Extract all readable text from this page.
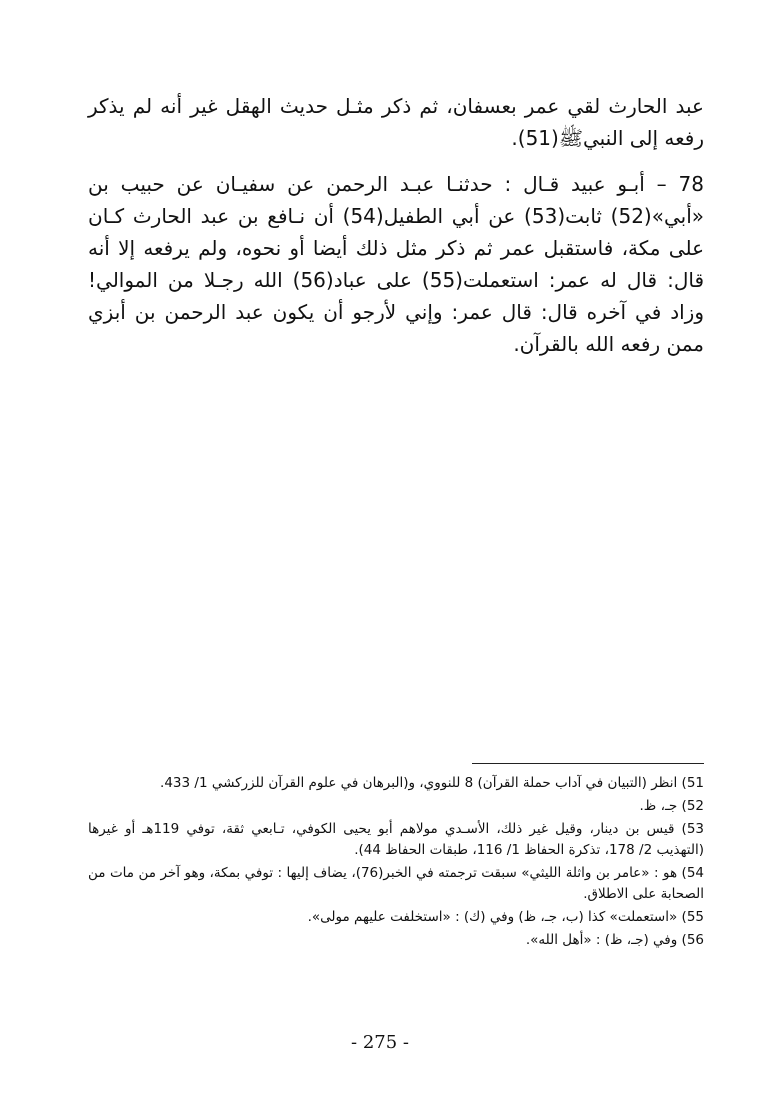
عبد الحارث لقي عمر بعسفان، ثم ذكر مثـل حديث الهقل غير أنه لم يذكر رفعه إلى النبيﷺ(51).

78 – أبـو عبيد قـال : حدثنـا عبـد الرحمن عن سفيـان عن حبيب بن «أبي»(52) ثابت(53) عن أبي الطفيل(54) أن نـافع بن عبد الحارث كـان على مكة، فاستقبل عمر ثم ذكر مثل ذلك أيضا أو نحوه، ولم يرفعه إلا أنه قال: قال له عمر: استعملت(55) على عباد(56) الله رجـلا من الموالي! وزاد في آخره قال: قال عمر: وإني لأرجو أن يكون عبد الرحمن بن أبزي ممن رفعه الله بالقرآن.

51) انظر (التبيان في آداب حملة القرآن) 8 للنووي، و(البرهان في علوم القرآن للزركشي 1/ 433.

52) جـ، ظ.

53) قيس بن دينار، وقيل غير ذلك، الأسـدي مولاهم أبو يحيى الكوفي، تـابعي ثقة، توفي 119هـ أو غيرها (التهذيب 2/ 178، تذكرة الحفاظ 1/ 116، طبقات الحفاظ 44).

54) هو : «عامر بن واثلة الليثي» سبقت ترجمته في الخبر(76)، يضاف إليها : توفي بمكة، وهو آخر من مات من الصحابة على الاطلاق.

55) «استعملت» كذا (ب، جـ، ظ) وفي (ك) : «استخلفت عليهم مولى».

56) وفي (جـ، ظ) : «أهل الله».

- 275 -
